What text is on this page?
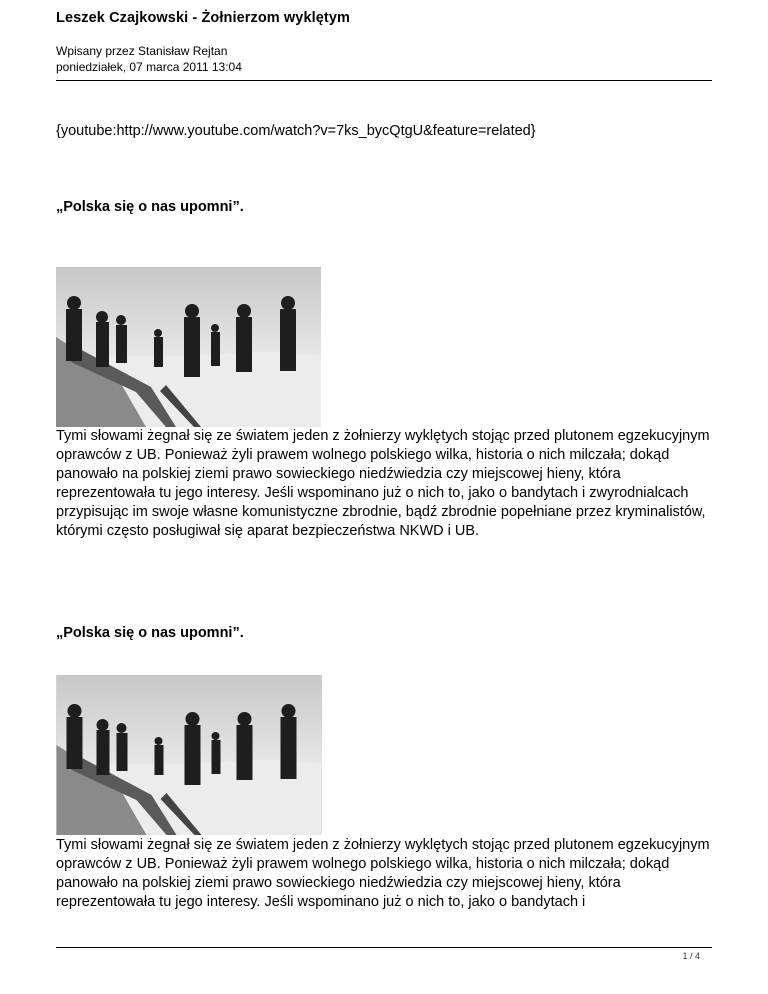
Leszek Czajkowski - Żołnierzom wyklętym
Wpisany przez Stanisław Rejtan
poniedziałek, 07 marca 2011 13:04
{youtube:http://www.youtube.com/watch?v=7ks_bycQtgU&feature=related}
„Polska się o nas upomni”.

Tymi słowami żegnał się ze światem jeden z żołnierzy wyklętych stojąc przed plutonem egzekucyjnym oprawców z UB. Ponieważ żyli prawem wolnego polskiego wilka, historia o nich milczała; dokąd panowało na polskiej ziemi prawo sowieckiego niedźwiedzia czy miejscowej hieny, która reprezentowała tu jego interesy. Jeśli wspominano już o nich to, jako o bandytach i zwyrodnialcach przypisując im swoje własne komunistyczne zbrodnie, bądź zbrodnie popełniane przez kryminalistów, którymi często posługiwał się aparat bezpieczeństwa NKWD i UB.

„Polska się o nas upomni”.

Tymi słowami żegnał się ze światem jeden z żołnierzy wyklętych stojąc przed plutonem egzekucyjnym oprawców z UB. Ponieważ żyli prawem wolnego polskiego wilka, historia o nich milczała; dokąd panowało na polskiej ziemi prawo sowieckiego niedźwiedzia czy miejscowej hieny, która reprezentowała tu jego interesy. Jeśli wspominano już o nich to, jako o bandytach i

1 / 4
